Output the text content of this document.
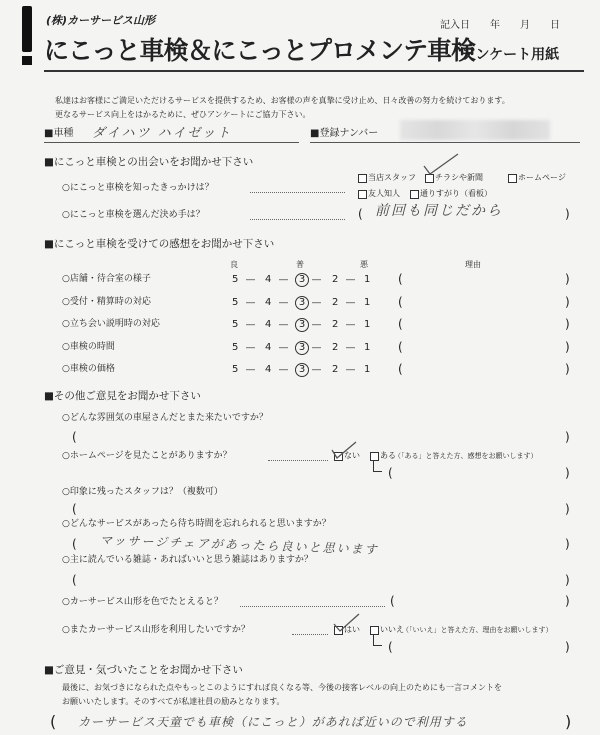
(株)カーサービス山形	記入日　　年　　月　　日
にこっと車検＆にこっとプロメンテ車検
アンケート用紙
私達はお客様にご満足いただけるサービスを提供するため、お客様の声を真摯に受け止め、日々改善の努力を続けております。
更なるサービス向上をはかるために、ぜひアンケートにご協力下さい。
■車種 ダイハツ ハイゼット	■登録ナンバー
■にこっと車検との出会いをお聞かせ下さい
○にこっと車検を知ったきっかけは？
当店スタッフ チラシや新聞	ホームページ
友人知人	通りすがり（看板）
○にこっと車検を選んだ決め手は？	( 前回も同じだから	)
■にこっと車検を受けての感想をお聞かせ下さい
良	普	悪	理由
○店舗・待合室の様子	5 ― 4 ―	3 ― 2 ― 1 (	)
○受付・精算時の対応	5 ― 4 ―	3 ― 2 ― 1 (	)
○立ち会い説明時の対応	5 ― 4 ―	3 ― 2 ― 1 (	)
○車検の時間	5 ― 4 ―	3 ― 2 ― 1 (	)
○車検の価格	5 ― 4 ―	3 ― 2 ― 1 (	)
■その他ご意見をお聞かせ下さい
○どんな雰囲気の車屋さんだとまた来たいですか？
(	)
○ホームページを見たことがありますか？	ない	ある
（「ある」と答えた方、感想をお願いします）
(	)
○印象に残ったスタッフは？（複数可）
(	)
○どんなサービスがあったら待ち時間を忘れられると思いますか？
( マッサージチェアがあったら良いと思います	)
○主に読んでいる雑誌・あればいいと思う雑誌はありますか？
(	)
○カーサービス山形を色でたとえると？	(	)
○またカーサービス山形を利用したいですか？	はい	いいえ
（「いいえ」と答えた方、理由をお願いします）
(	)
■ご意見・気づいたことをお聞かせ下さい
最後に、お気づきになられた点やもっとこのようにすれば良くなる等、今後の接客レベルの向上のためにも一言コメントを
お願いいたします。そのすべてが私達社員の励みとなります。
( カーサービス天童でも車検（にこっと）があれば近いので利用する	)
